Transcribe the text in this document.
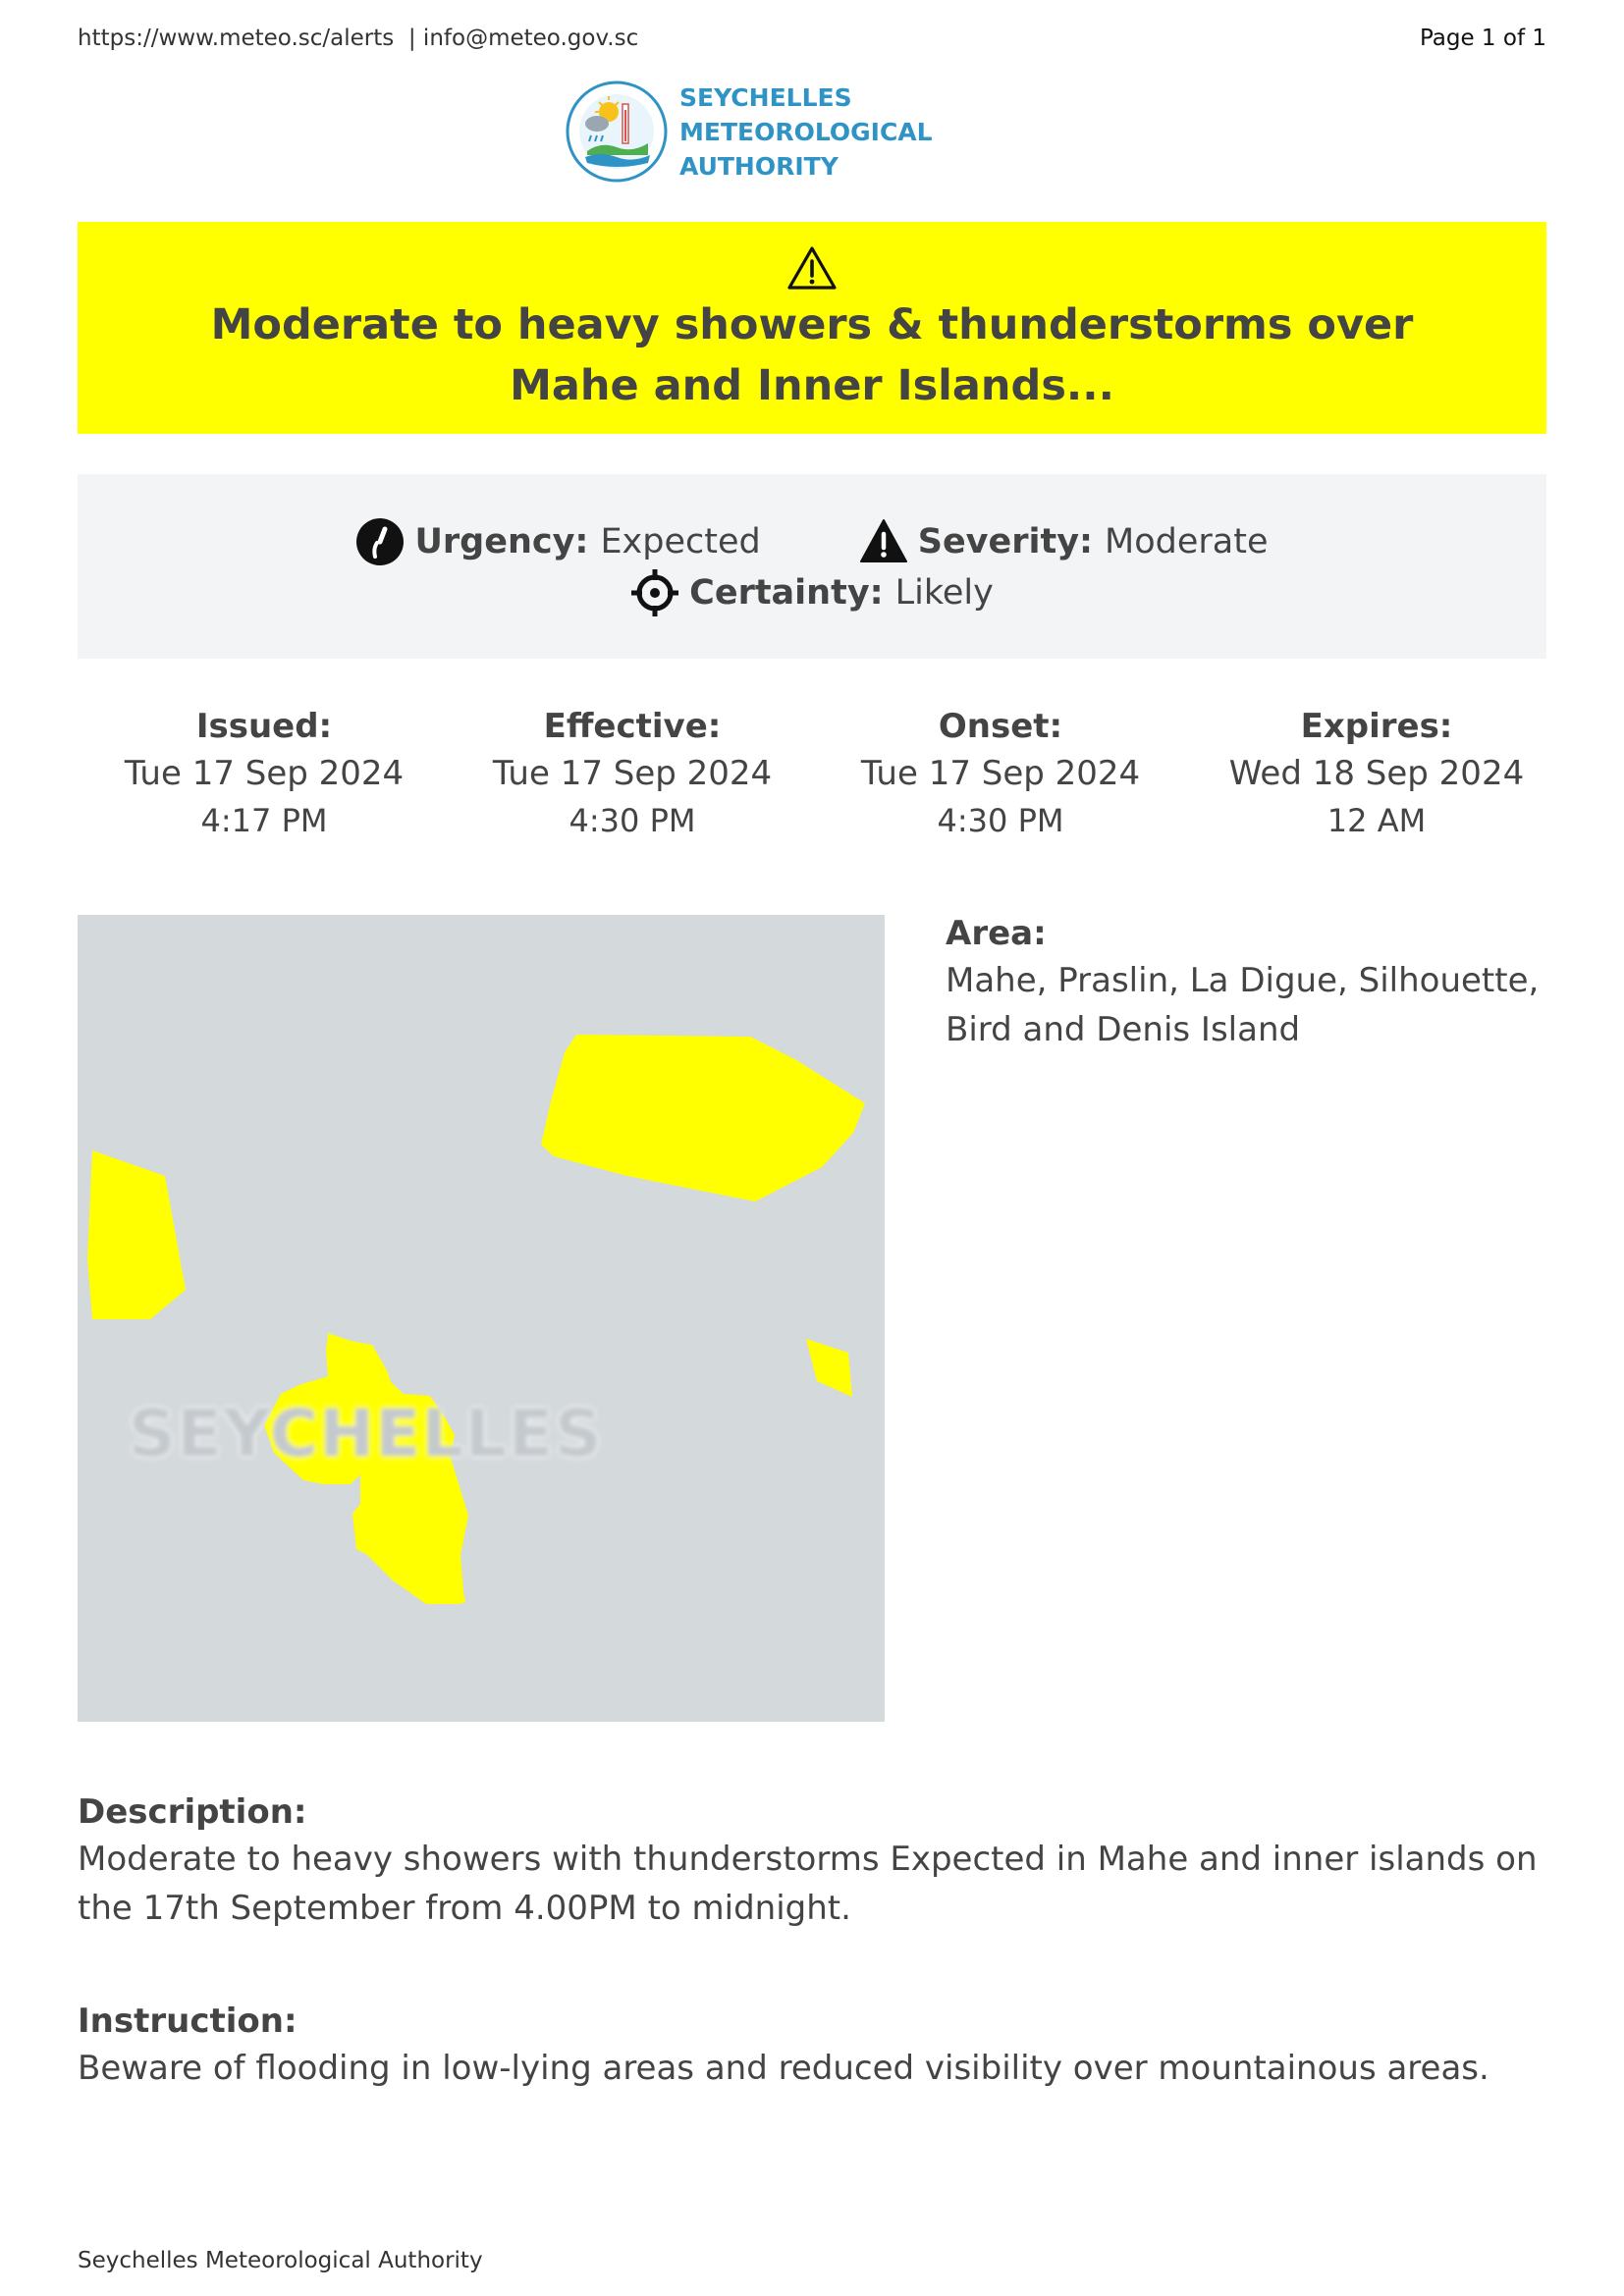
https://www.meteo.sc/alerts | info@meteo.gov.sc	Page 1 of 1
SEYCHELLES METEOROLOGICAL
AUTHORITY
Moderate to heavy showers & thunderstorms over Mahe and Inner Islands...
Urgency: Expected	Severity: Moderate
Certainty: Likely
Issued:
Tue 17 Sep 2024
4:17 PM
Effective:
Tue 17 Sep 2024
4:30 PM
Onset:
Tue 17 Sep 2024
4:30 PM
Expires:
Wed 18 Sep 2024
12 AM
SEYCHELLES
Area:
Mahe, Praslin, La Digue, Silhouette, Bird and Denis Island
Description:
Moderate to heavy showers with thunderstorms Expected in Mahe and inner islands on the 17th September from 4.00PM to midnight.
Instruction:
Beware of flooding in low-lying areas and reduced visibility over mountainous areas.
Seychelles Meteorological Authority
